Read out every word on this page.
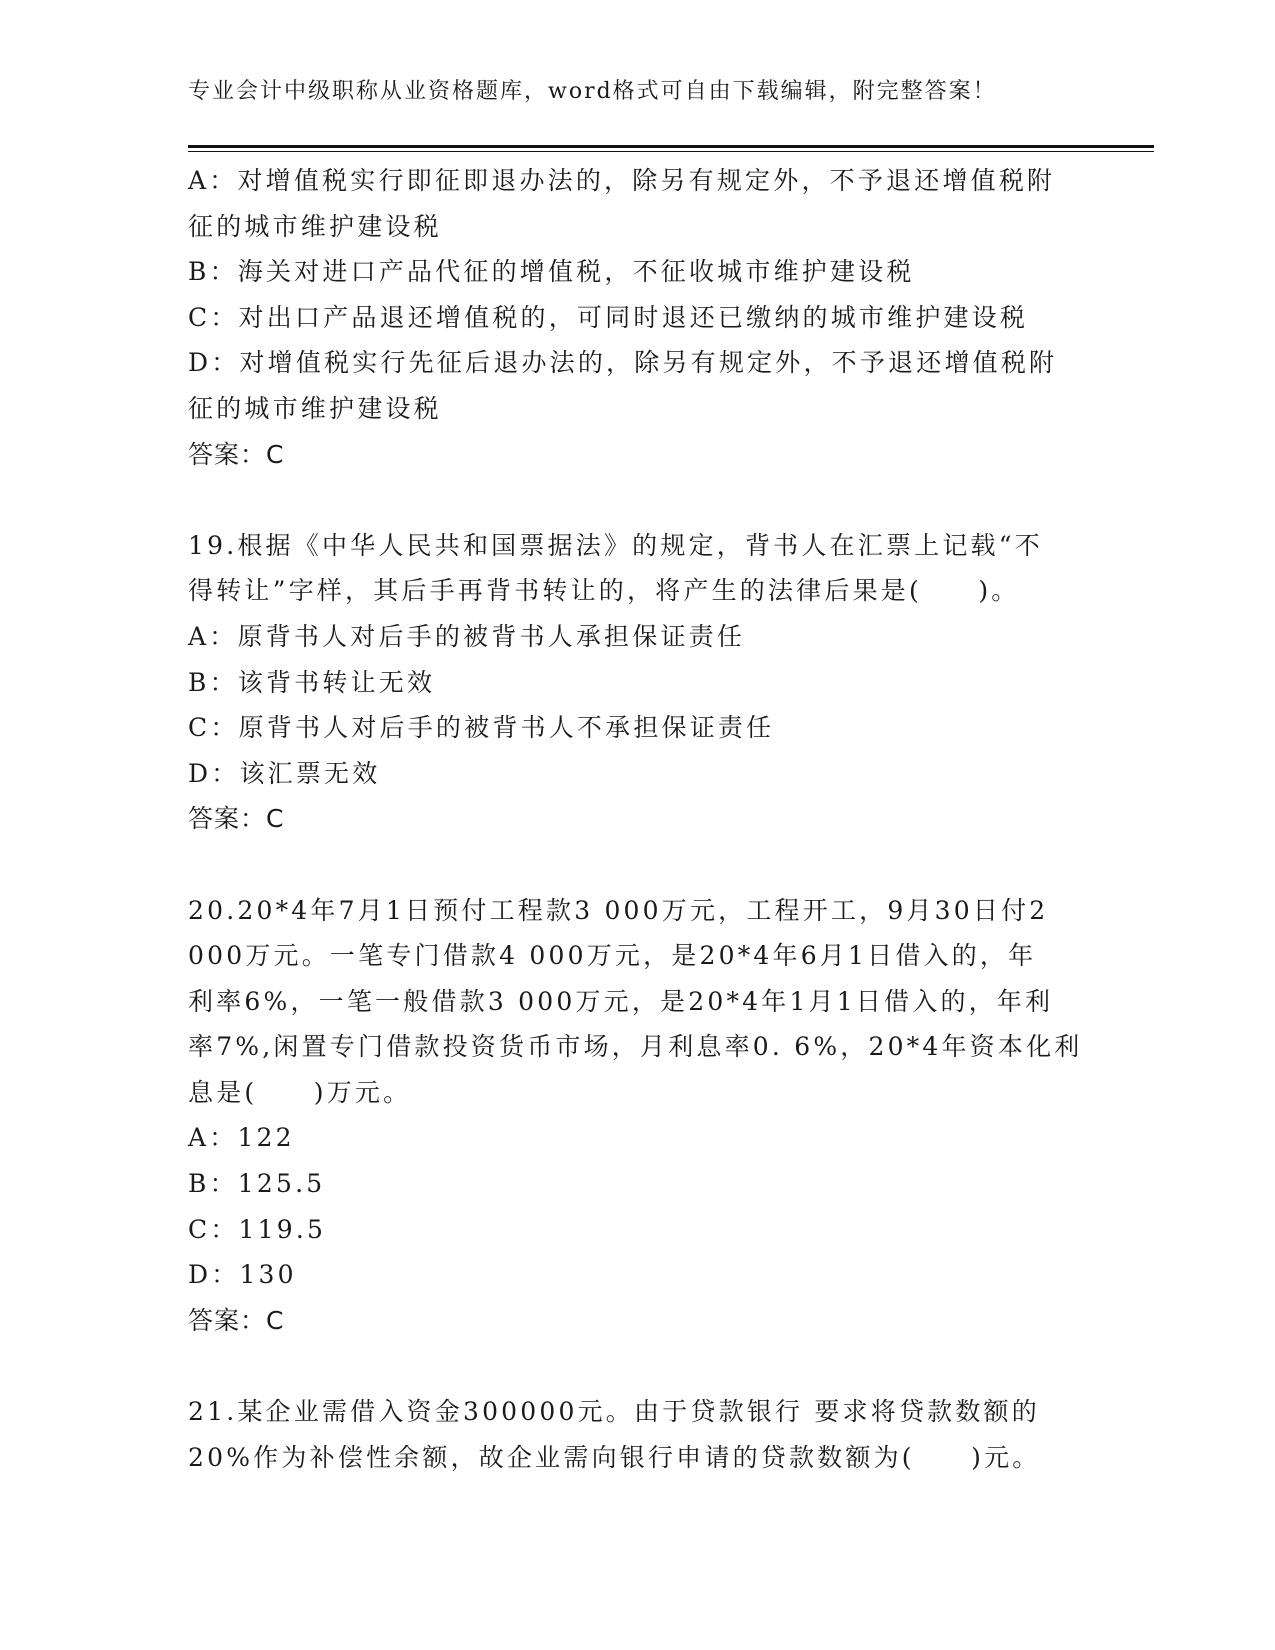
专业会计中级职称从业资格题库，word格式可自由下载编辑，附完整答案！
A：对增值税实行即征即退办法的，除另有规定外，不予退还增值税附
征的城市维护建设税
B：海关对进口产品代征的增值税，不征收城市维护建设税
C：对出口产品退还增值税的，可同时退还已缴纳的城市维护建设税
D：对增值税实行先征后退办法的，除另有规定外，不予退还增值税附
征的城市维护建设税
答案：C
19.根据《中华人民共和国票据法》的规定，背书人在汇票上记载“不
得转让”字样，其后手再背书转让的，将产生的法律后果是(　　)。
A：原背书人对后手的被背书人承担保证责任
B：该背书转让无效
C：原背书人对后手的被背书人不承担保证责任
D：该汇票无效
答案：C
20.20*4年7月1日预付工程款3 000万元，工程开工，9月30日付2
000万元。一笔专门借款4 000万元，是20*4年6月1日借入的，年
利率6%，一笔一般借款3 000万元，是20*4年1月1日借入的，年利
率7%,闲置专门借款投资货币市场，月利息率0. 6%，20*4年资本化利
息是(　　)万元。
A：122
B：125.5
C：119.5
D：130
答案：C
21.某企业需借入资金300000元。由于贷款银行 要求将贷款数额的
20%作为补偿性余额，故企业需向银行申请的贷款数额为(　　)元。
